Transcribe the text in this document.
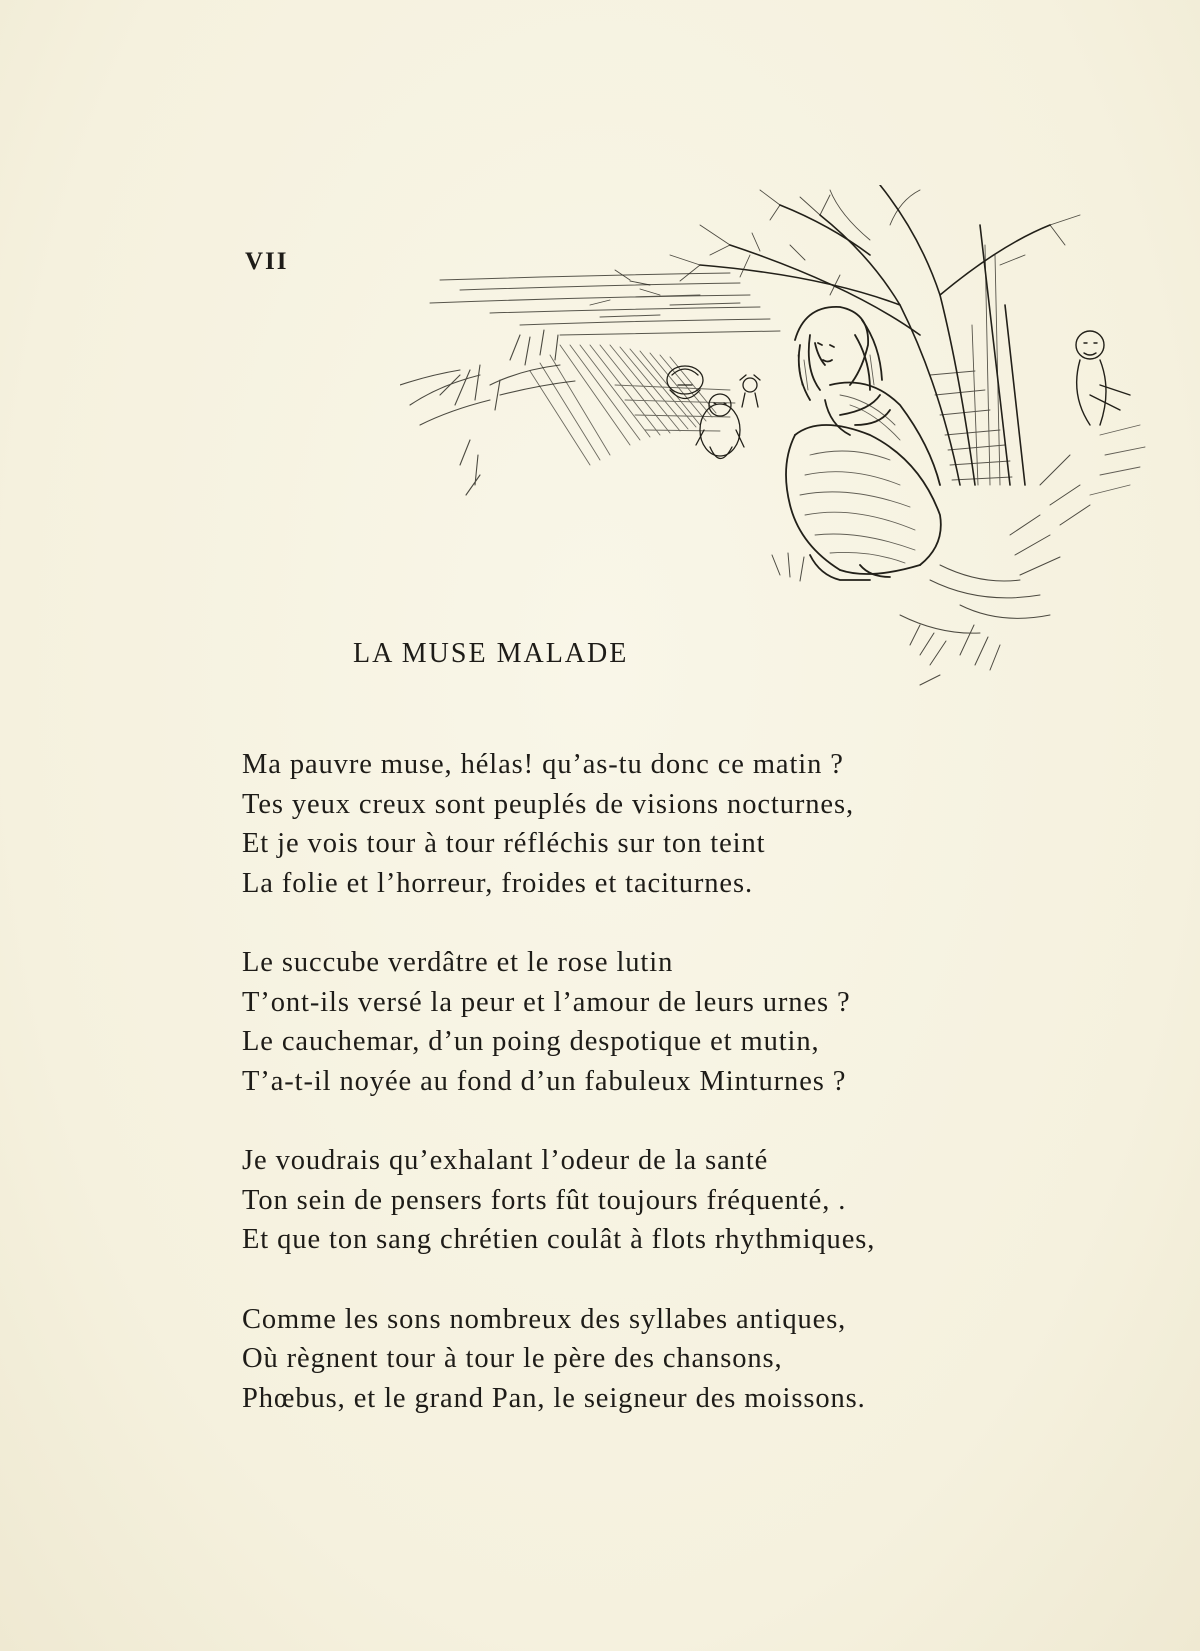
VII
LA MUSE MALADE
Ma pauvre muse, hélas! qu’as-tu donc ce matin ?
Tes yeux creux sont peuplés de visions nocturnes,
Et je vois tour à tour réfléchis sur ton teint
La folie et l’horreur, froides et taciturnes.
Le succube verdâtre et le rose lutin
T’ont-ils versé la peur et l’amour de leurs urnes ?
Le cauchemar, d’un poing despotique et mutin,
T’a-t-il noyée au fond d’un fabuleux Minturnes ?
Je voudrais qu’exhalant l’odeur de la santé
Ton sein de pensers forts fût toujours fréquenté, .
Et que ton sang chrétien coulât à flots rhythmiques,
Comme les sons nombreux des syllabes antiques,
Où règnent tour à tour le père des chansons,
Phœbus, et le grand Pan, le seigneur des moissons.
